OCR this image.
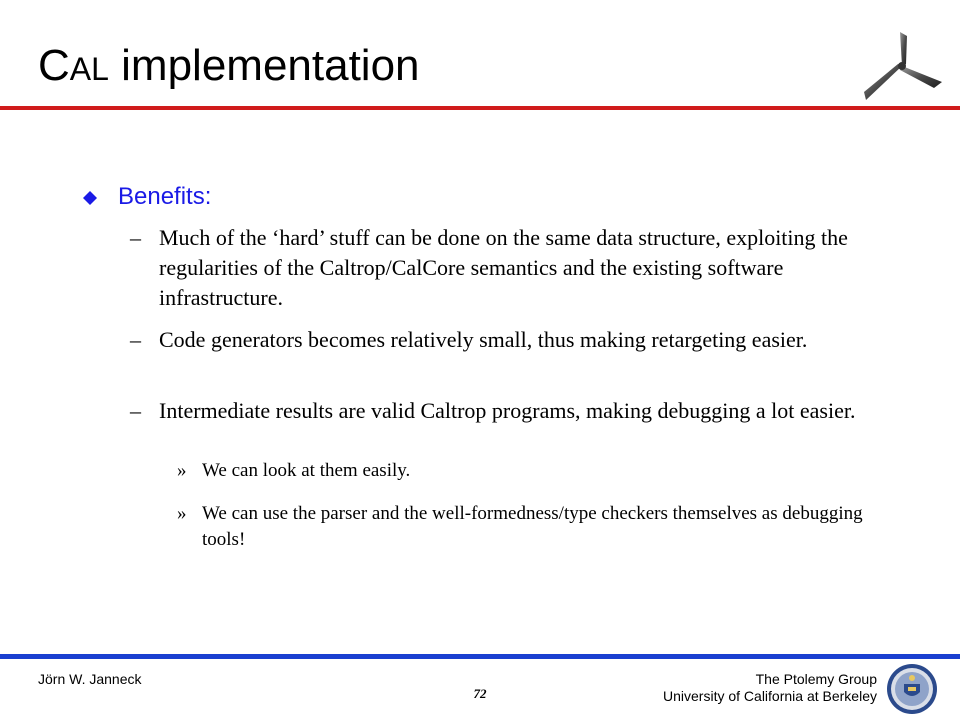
CAL implementation
Benefits:
– Much of the ‘hard’ stuff can be done on the same data structure, exploiting the regularities of the Caltrop/CalCore semantics and the existing software infrastructure.
– Code generators becomes relatively small, thus making retargeting easier.
– Intermediate results are valid Caltrop programs, making debugging a lot easier.
» We can look at them easily.
» We can use the parser and the well-formedness/type checkers themselves as debugging tools!
Jörn W. Janneck
72
The Ptolemy Group
University of California at Berkeley
